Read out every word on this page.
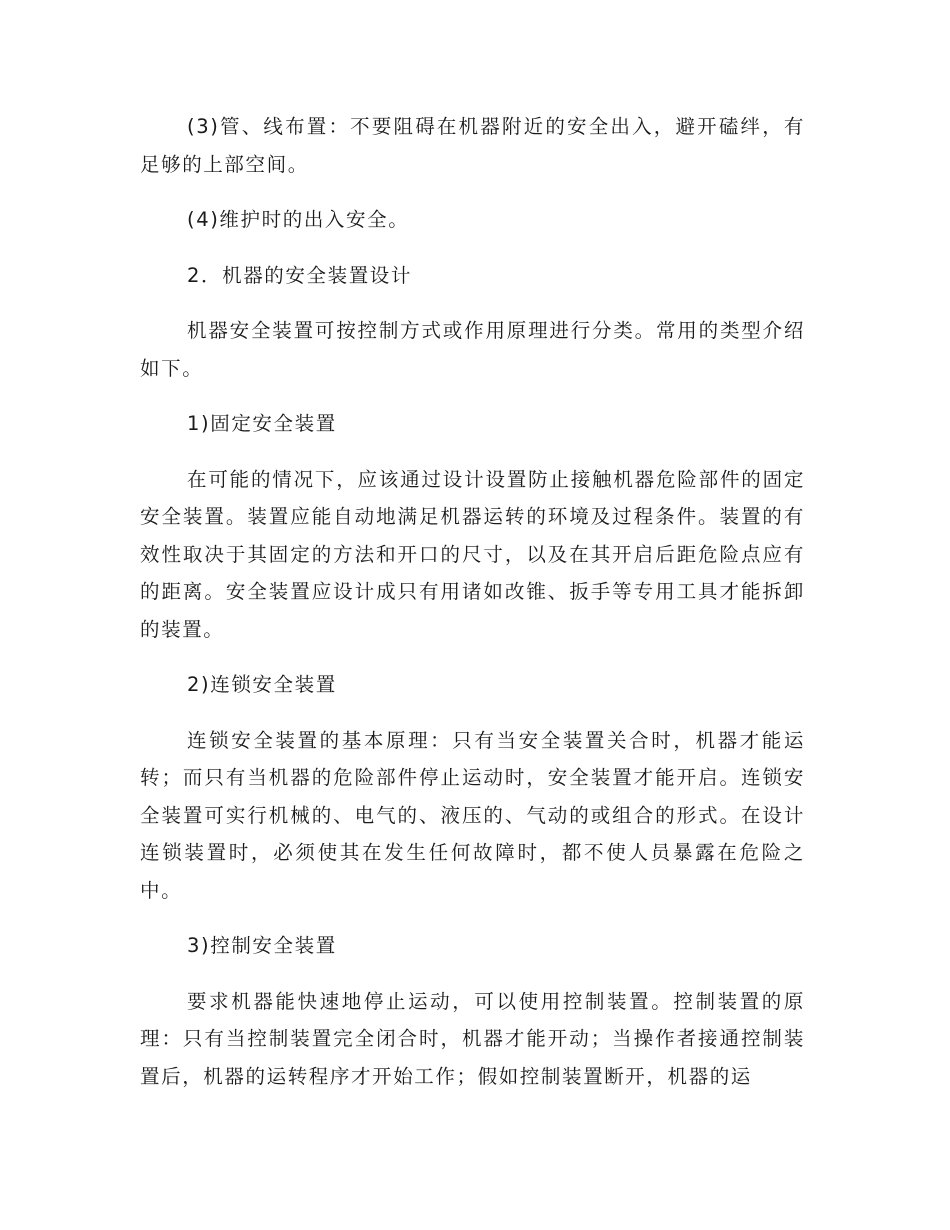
(3)管、线布置：不要阻碍在机器附近的安全出入，避开磕绊，有足够的上部空间。

(4)维护时的出入安全。

2．机器的安全装置设计

机器安全装置可按控制方式或作用原理进行分类。常用的类型介绍如下。

1)固定安全装置

在可能的情况下，应该通过设计设置防止接触机器危险部件的固定安全装置。装置应能自动地满足机器运转的环境及过程条件。装置的有效性取决于其固定的方法和开口的尺寸，以及在其开启后距危险点应有的距离。安全装置应设计成只有用诸如改锥、扳手等专用工具才能拆卸的装置。

2)连锁安全装置

连锁安全装置的基本原理：只有当安全装置关合时，机器才能运转；而只有当机器的危险部件停止运动时，安全装置才能开启。连锁安全装置可实行机械的、电气的、液压的、气动的或组合的形式。在设计连锁装置时，必须使其在发生任何故障时，都不使人员暴露在危险之中。

3)控制安全装置

要求机器能快速地停止运动，可以使用控制装置。控制装置的原理：只有当控制装置完全闭合时，机器才能开动；当操作者接通控制装置后，机器的运转程序才开始工作；假如控制装置断开，机器的运
